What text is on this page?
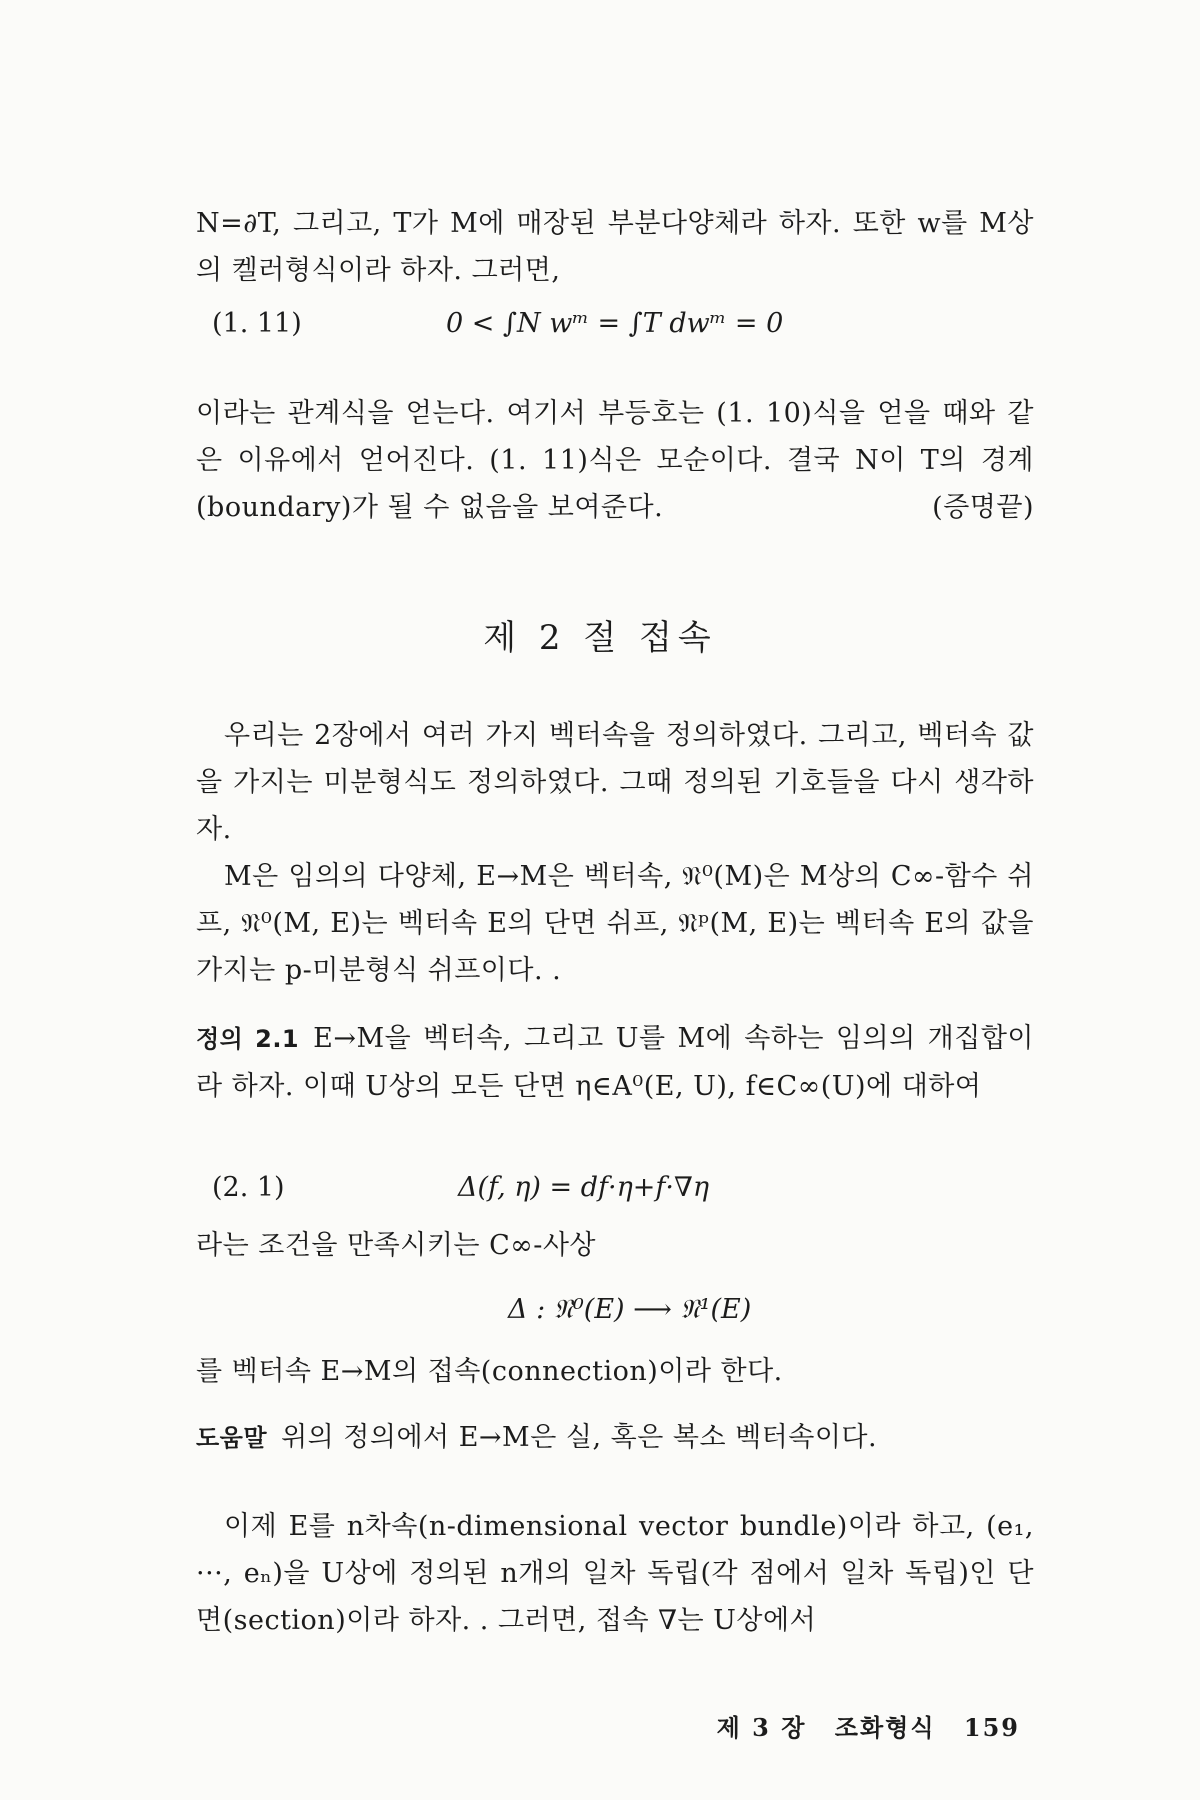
N=∂T, 그리고, T가 M에 매장된 부분다양체라 하자. 또한 w를 M상의 켈러형식이라 하자. 그러면,

(1. 11)	0 < ∫N wᵐ = ∫T dwᵐ = 0

이라는 관계식을 얻는다. 여기서 부등호는 (1. 10)식을 얻을 때와 같은 이유에서 얻어진다. (1. 11)식은 모순이다. 결국 N이 T의 경계(boundary)가 될 수 없음을 보여준다.	(증명끝)

제 2 절 접속

우리는 2장에서 여러 가지 벡터속을 정의하였다. 그리고, 벡터속 값을 가지는 미분형식도 정의하였다. 그때 정의된 기호들을 다시 생각하자.

M은 임의의 다양체, E→M은 벡터속, 𝔑⁰(M)은 M상의 C∞-함수 쉬프, 𝔑⁰(M, E)는 벡터속 E의 단면 쉬프, 𝔑ᵖ(M, E)는 벡터속 E의 값을 가지는 p-미분형식 쉬프이다. .

정의 2.1 E→M을 벡터속, 그리고 U를 M에 속하는 임의의 개집합이라 하자. 이때 U상의 모든 단면 η∈A⁰(E, U), f∈C∞(U)에 대하여

(2. 1)	Δ(f, η) = df·η+f·∇η

라는 조건을 만족시키는 C∞-사상

Δ : 𝔑⁰(E) ⟶ 𝔑¹(E)

를 벡터속 E→M의 접속(connection)이라 한다.

도움말 위의 정의에서 E→M은 실, 혹은 복소 벡터속이다.

이제 E를 n차속(n-dimensional vector bundle)이라 하고, (e₁, ···, eₙ)을 U상에 정의된 n개의 일차 독립(각 점에서 일차 독립)인 단면(section)이라 하자. . 그러면, 접속 ∇는 U상에서

제 3 장 조화형식 159
